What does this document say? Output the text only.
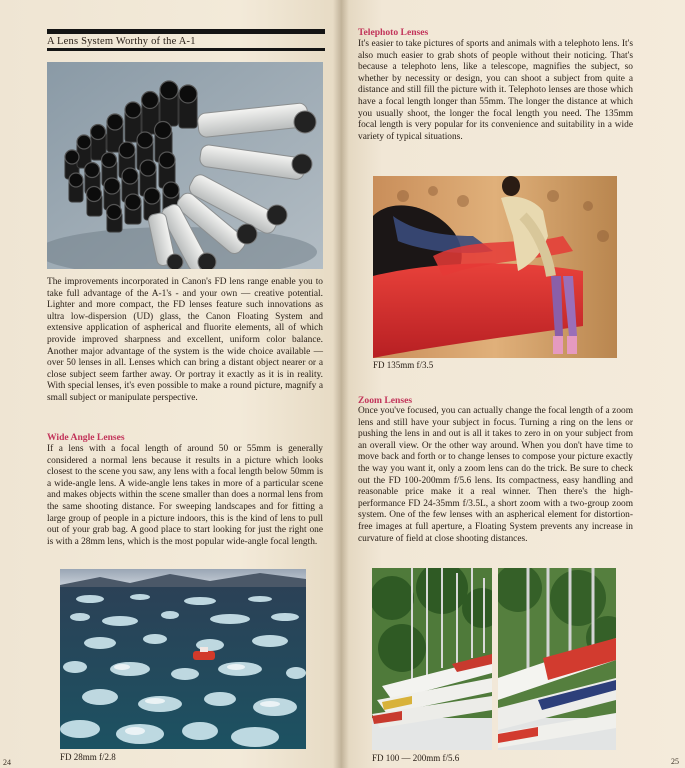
A Lens System Worthy of the A-1
The improvements incorporated in Canon's FD lens range enable you to take full advantage of the A-1's - and your own — creative potential. Lighter and more compact, the FD lenses feature such innovations as ultra low-dispersion (UD) glass, the Canon Floating System and extensive application of aspherical and fluorite elements, all of which provide improved sharpness and excellent, uniform color balance. Another major advantage of the system is the wide choice available — over 50 lenses in all. Lenses which can bring a distant object nearer or a close subject seem farther away. Or portray it exactly as it is in reality. With special lenses, it's even possible to make a round picture, magnify a small subject or manipulate perspective.
Wide Angle Lenses
If a lens with a focal length of around 50 or 55mm is generally considered a normal lens because it results in a picture which looks closest to the scene you saw, any lens with a focal length below 50mm is a wide-angle lens. A wide-angle lens takes in more of a particular scene and makes objects within the scene smaller than does a normal lens from the same shooting distance. For sweeping landscapes and for fitting a large group of people in a picture indoors, this is the kind of lens to pull out of your grab bag. A good place to start looking for just the right one is with a 28mm lens, which is the most popular wide-angle focal length.
FD 28mm f/2.8
24
Telephoto Lenses
It's easier to take pictures of sports and animals with a telephoto lens. It's also much easier to grab shots of people without their noticing. That's because a telephoto lens, like a telescope, magnifies the subject, so whether by necessity or design, you can shoot a subject from quite a distance and still fill the picture with it. Telephoto lenses are those which have a focal length longer than 55mm. The longer the distance at which you usually shoot, the longer the focal length you need. The 135mm focal length is very popular for its convenience and suitability in a wide variety of typical situations.
FD 135mm f/3.5
Zoom Lenses
Once you've focused, you can actually change the focal length of a zoom lens and still have your subject in focus. Turning a ring on the lens or pushing the lens in and out is all it takes to zero in on your subject from an overall view. Or the other way around. When you don't have time to move back and forth or to change lenses to compose your picture exactly the way you want it, only a zoom lens can do the trick. Be sure to check out the FD 100-200mm f/5.6 lens. Its compactness, easy handling and reasonable price make it a real winner. Then there's the high-performance FD 24-35mm f/3.5L, a short zoom with a two-group zoom system. One of the few lenses with an aspherical element for distortion-free images at full aperture, a Floating System prevents any increase in curvature of field at close shooting distances.
FD 100 — 200mm f/5.6	25
